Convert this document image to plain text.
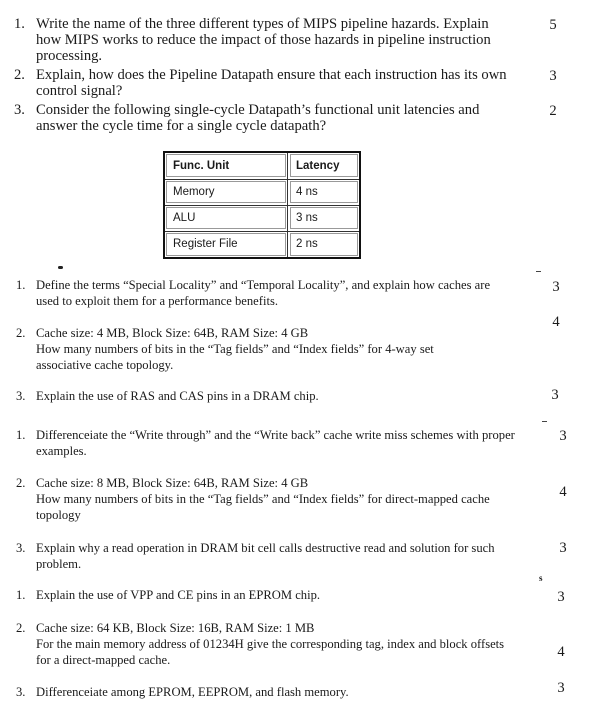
1. Write the name of the three different types of MIPS pipeline hazards. Explain how MIPS works to reduce the impact of those hazards in pipeline instruction processing.
5
2. Explain, how does the Pipeline Datapath ensure that each instruction has its own control signal?
3
3. Consider the following single-cycle Datapath’s functional unit latencies and answer the cycle time for a single cycle datapath?
2
Func. Unit	Latency
Memory	4 ns
ALU	3 ns
Register File	2 ns
1. Define the terms “Special Locality” and “Temporal Locality”, and explain how caches are used to exploit them for a performance benefits.
3
2. Cache size: 4 MB, Block Size: 64B, RAM Size: 4 GB
How many numbers of bits in the “Tag fields” and “Index fields” for 4-way set associative cache topology.
4
3. Explain the use of RAS and CAS pins in a DRAM chip.	3
1. Differenceiate the “Write through” and the “Write back” cache write miss schemes with proper examples.
3
2. Cache size: 8 MB, Block Size: 64B, RAM Size: 4 GB
How many numbers of bits in the “Tag fields” and “Index fields” for direct-mapped cache topology
4
3. Explain why a read operation in DRAM bit cell calls destructive read and solution for such problem.
3
s
1. Explain the use of VPP and CE pins in an EPROM chip.	3
2. Cache size: 64 KB, Block Size: 16B, RAM Size: 1 MB
For the main memory address of 01234H give the corresponding tag, index and block offsets for a direct-mapped cache.	4
3. Differenceiate among EPROM, EEPROM, and flash memory.	3
